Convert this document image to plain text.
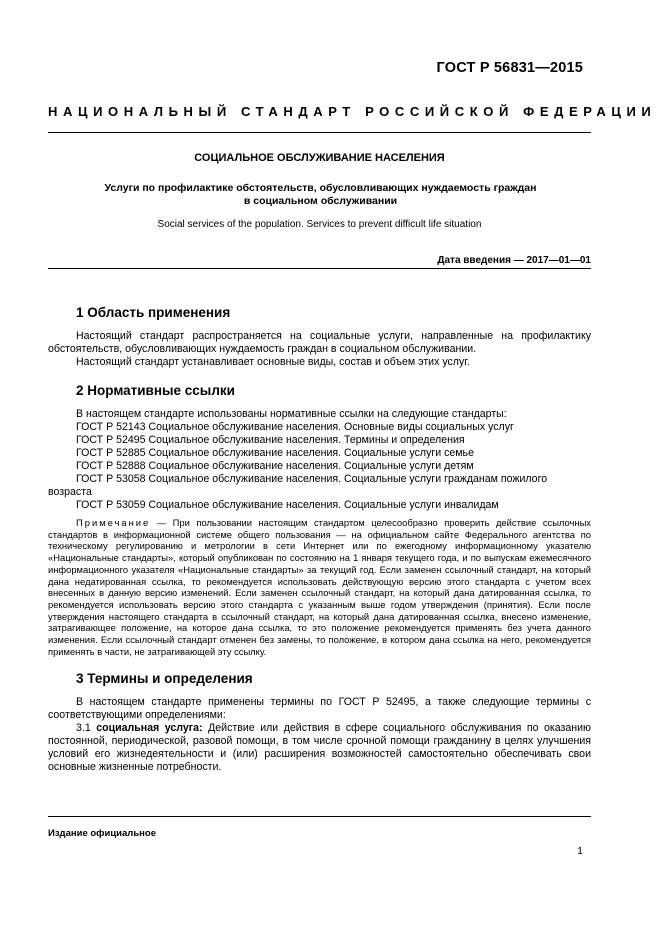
ГОСТ Р 56831—2015
НАЦИОНАЛЬНЫЙ СТАНДАРТ РОССИЙСКОЙ ФЕДЕРАЦИИ
СОЦИАЛЬНОЕ ОБСЛУЖИВАНИЕ НАСЕЛЕНИЯ
Услуги по профилактике обстоятельств, обусловливающих нуждаемость граждан
в социальном обслуживании
Social services of the population. Services to prevent difficult life situation
Дата введения — 2017—01—01
1 Область применения

Настоящий стандарт распространяется на социальные услуги, направленные на профилактику обстоятельств, обусловливающих нуждаемость граждан в социальном обслуживании.

Настоящий стандарт устанавливает основные виды, состав и объем этих услуг.

2 Нормативные ссылки

В настоящем стандарте использованы нормативные ссылки на следующие стандарты:

ГОСТ Р 52143 Социальное обслуживание населения. Основные виды социальных услуг

ГОСТ Р 52495 Социальное обслуживание населения. Термины и определения

ГОСТ Р 52885 Социальное обслуживание населения. Социальные услуги семье

ГОСТ Р 52888 Социальное обслуживание населения. Социальные услуги детям

ГОСТ Р 53058 Социальное обслуживание населения. Социальные услуги гражданам пожилого возраста

ГОСТ Р 53059 Социальное обслуживание населения. Социальные услуги инвалидам

Примечание — При пользовании настоящим стандартом целесообразно проверить действие ссылочных стандартов в информационной системе общего пользования — на официальном сайте Федерального агентства по техническому регулированию и метрологии в сети Интернет или по ежегодному информационному указателю «Национальные стандарты», который опубликован по состоянию на 1 января текущего года, и по выпускам ежемесячного информационного указателя «Национальные стандарты» за текущий год. Если заменен ссылочный стандарт, на который дана недатированная ссылка, то рекомендуется использовать действующую версию этого стандарта с учетом всех внесенных в данную версию изменений. Если заменен ссылочный стандарт, на который дана датированная ссылка, то рекомендуется использовать версию этого стандарта с указанным выше годом утверждения (принятия). Если после утверждения настоящего стандарта в ссылочный стандарт, на который дана датированная ссылка, внесено изменение, затрагивающее положение, на которое дана ссылка, то это положение рекомендуется применять без учета данного изменения. Если ссылочный стандарт отменен без замены, то положение, в котором дана ссылка на него, рекомендуется применять в части, не затрагивающей эту ссылку.
3 Термины и определения

В настоящем стандарте применены термины по ГОСТ Р 52495, а также следующие термины с соответствующими определениями:

3.1 социальная услуга: Действие или действия в сфере социального обслуживания по оказанию постоянной, периодической, разовой помощи, в том числе срочной помощи гражданину в целях улучшения условий его жизнедеятельности и (или) расширения возможностей самостоятельно обеспечивать свои основные жизненные потребности.

Издание официальное
1
